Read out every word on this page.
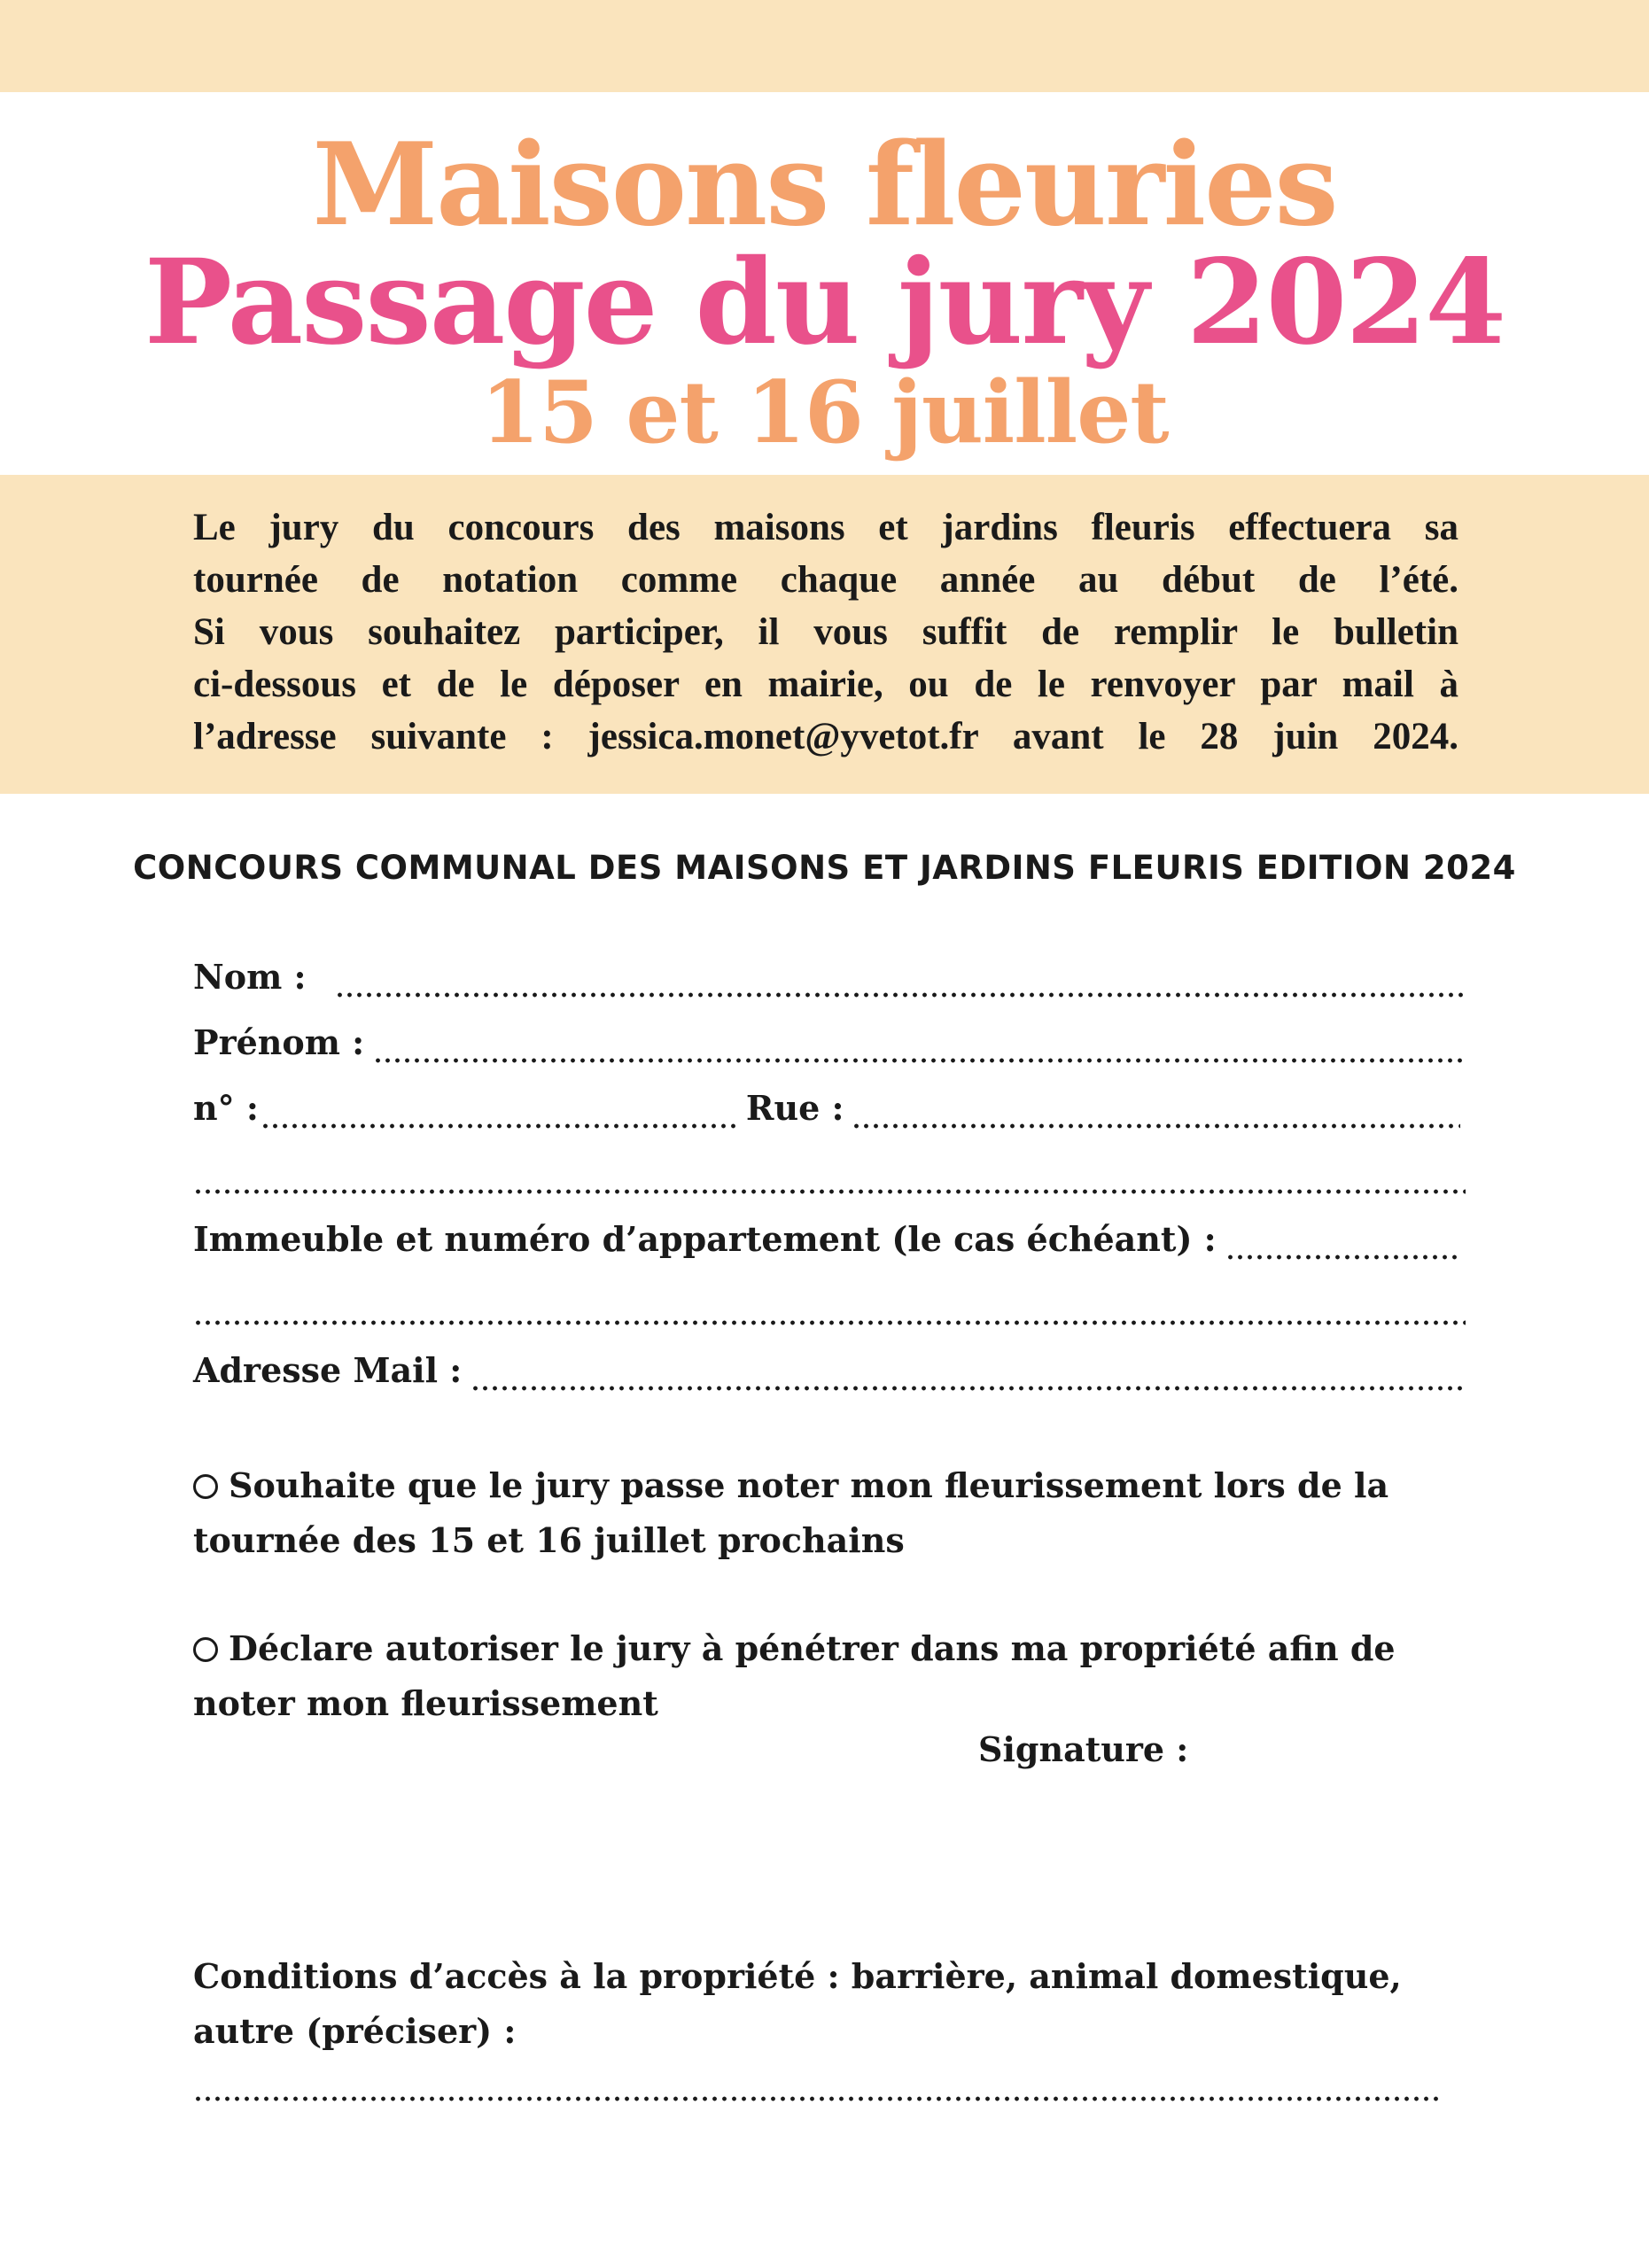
Maisons fleuries
Passage du jury 2024
15 et 16 juillet
Le jury du concours des maisons et jardins fleuris effectuera sa
tournée de notation comme chaque année au début de l’été.
Si vous souhaitez participer, il vous suffit de remplir le bulletin
ci-dessous et de le déposer en mairie, ou de le renvoyer par mail à
l’adresse suivante : jessica.monet@yvetot.fr avant le 28 juin 2024.
CONCOURS COMMUNAL DES MAISONS ET JARDINS FLEURIS EDITION 2024
Nom :
Prénom :
n° :	Rue :
Immeuble et numéro d’appartement (le cas échéant) :
Adresse Mail :
Souhaite que le jury passe noter mon fleurissement lors de la
tournée des 15 et 16 juillet prochains
Déclare autoriser le jury à pénétrer dans ma propriété afin de
noter mon fleurissement
Signature :
Conditions d’accès à la propriété : barrière, animal domestique,
autre (préciser) :
